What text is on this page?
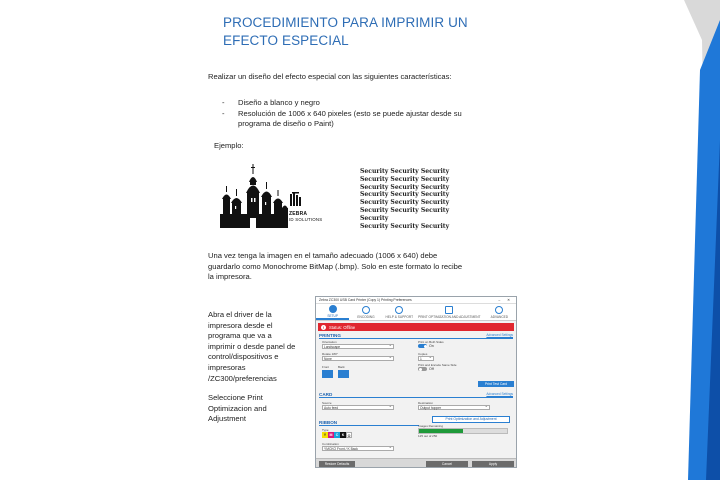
PROCEDIMIENTO PARA IMPRIMIR UN
EFECTO ESPECIAL
Realizar un diseño del efecto especial con las siguientes características:
- Diseño a blanco y negro
- Resolución de 1006 x 640 pixeles (esto se puede ajustar desde su programa de diseño o Paint)
Ejemplo:
ZEBRA
ID SOLUTIONS
Security Security Security
Security Security Security
Security Security Security
Security Security Security
Security Security Security
Security Security Security
Security
Security Security Security
Una vez tenga la imagen en el tamaño adecuado (1006 x 640) debe guardarlo como Monochrome BitMap (.bmp). Solo en este formato lo recibe la impresora.
Abra el driver de la impresora desde el programa que va a imprimir o desde panel de control/dispositivos e impresoras /ZC300/preferencias
Seleccione Print Optimizacion and Adjustment
Zebra ZC300 USB Card Printer (Copy 1) Printing Preferences	‒ ✕
SETUP	ENCODING	HELP & SUPPORT PRINT OPTIMIZATION AND ADJUSTMENT	ADVANCED
!	Status: Offline
PRINTING	Advanced Settings
Orientation
Landscape ⌄
Rotate 180°
None ⌄
Print on Both Sides
On
Copies
1 ⌄
Print and Encode Same Side
Off
Front	Back
Print Test Card
CARD	Advanced Settings
Source
Auto feed ⌄
Destination
Output hopper ⌄
Print Optimization and Adjustment
RIBBON
Type
Y M C K O
Images Remaining
125 out of 250
Combination
YMCKO Front / K Back ⌄
Restore Defaults	Cancel	Apply
